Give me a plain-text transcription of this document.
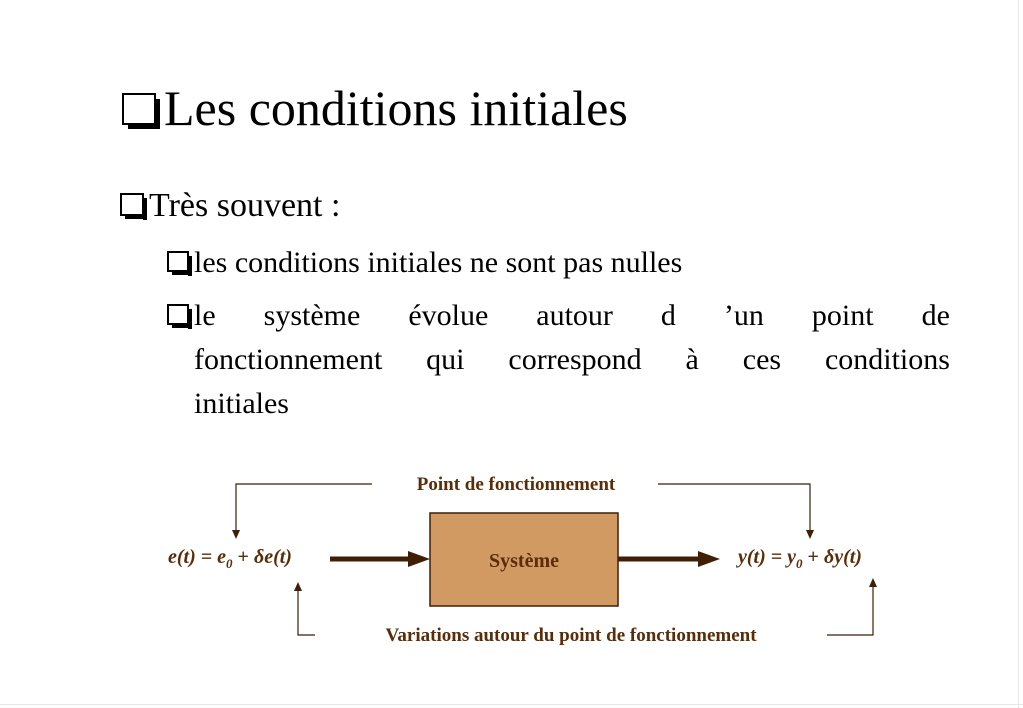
Les conditions initiales
Très souvent :
les conditions initiales ne sont pas nulles
le système évolue autour d ’un point de
fonctionnement qui correspond à ces conditions
initiales
Point de fonctionnement
Variations autour du point de fonctionnement
Système
$e(t) = e_0 + \delta e(t)$	$y(t) = y_0 + \delta y(t)$
